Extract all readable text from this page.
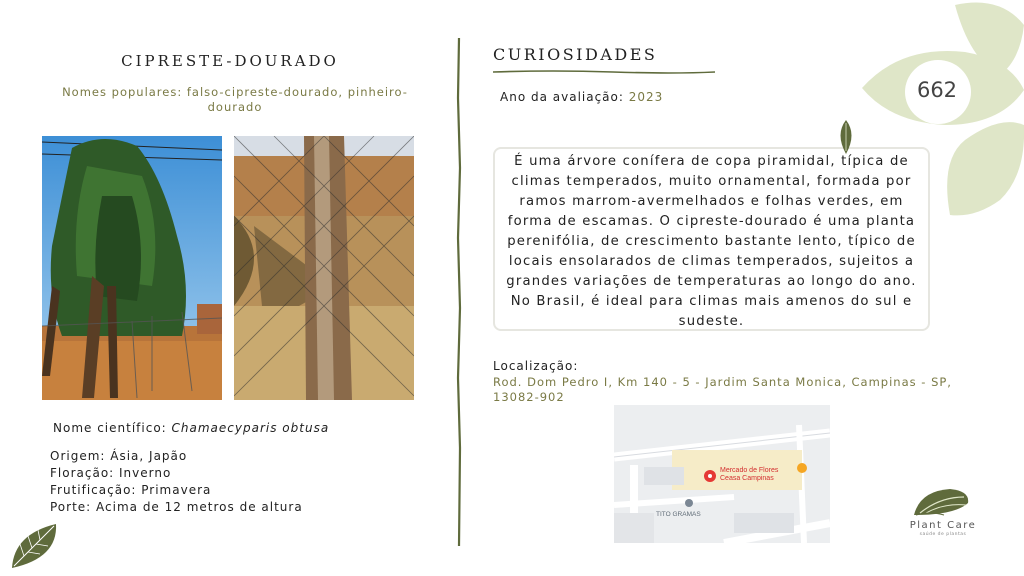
CIPRESTE-DOURADO
Nomes populares: falso-cipreste-dourado, pinheiro-dourado
Nome científico: Chamaecyparis obtusa
Origem: Ásia, Japão
Floração: Inverno
Frutificação: Primavera
Porte: Acima de 12 metros de altura
CURIOSIDADES
Ano da avaliação: 2023
É uma árvore conífera de copa piramidal, típica de climas temperados, muito ornamental, formada por ramos marrom-avermelhados e folhas verdes, em forma de escamas. O cipreste-dourado é uma planta perenifólia, de crescimento bastante lento, típico de locais ensolarados de climas temperados, sujeitos a grandes variações de temperaturas ao longo do ano. No Brasil, é ideal para climas mais amenos do sul e sudeste.
Localização:
Rod. Dom Pedro I, Km 140 - 5 - Jardim Santa Monica, Campinas - SP, 13082-902
Mercado de Flores
Ceasa Campinas
TITO GRAMAS
662
Plant Care
saúde de plantas
